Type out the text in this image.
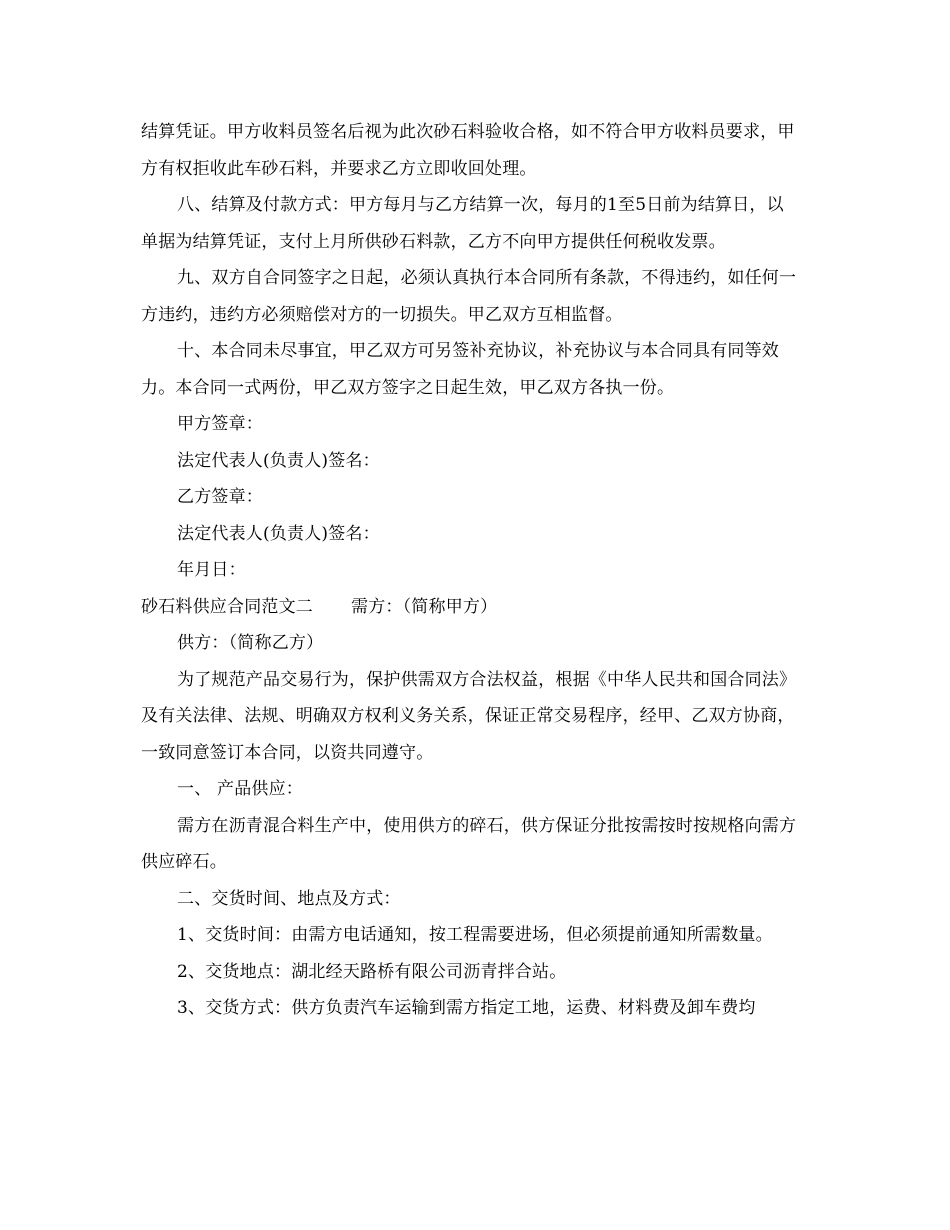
结算凭证。甲方收料员签名后视为此次砂石料验收合格，如不符合甲方收料员要求，甲方有权拒收此车砂石料，并要求乙方立即收回处理。

八、结算及付款方式：甲方每月与乙方结算一次，每月的1至5日前为结算日，以单据为结算凭证，支付上月所供砂石料款，乙方不向甲方提供任何税收发票。

九、双方自合同签字之日起，必须认真执行本合同所有条款，不得违约，如任何一方违约，违约方必须赔偿对方的一切损失。甲乙双方互相监督。

十、本合同未尽事宜，甲乙双方可另签补充协议，补充协议与本合同具有同等效力。本合同一式两份，甲乙双方签字之日起生效，甲乙双方各执一份。

甲方签章：

法定代表人(负责人)签名：

乙方签章：

法定代表人(负责人)签名：

年月日：

砂石料供应合同范文二 需方：（简称甲方）

供方：（简称乙方）

为了规范产品交易行为，保护供需双方合法权益，根据《中华人民共和国合同法》及有关法律、法规、明确双方权利义务关系，保证正常交易程序，经甲、乙双方协商，一致同意签订本合同，以资共同遵守。

一、 产品供应：

需方在沥青混合料生产中，使用供方的碎石，供方保证分批按需按时按规格向需方供应碎石。

二、交货时间、地点及方式：

1、交货时间：由需方电话通知，按工程需要进场，但必须提前通知所需数量。

2、交货地点：湖北经天路桥有限公司沥青拌合站。

3、交货方式：供方负责汽车运输到需方指定工地，运费、材料费及卸车费均
